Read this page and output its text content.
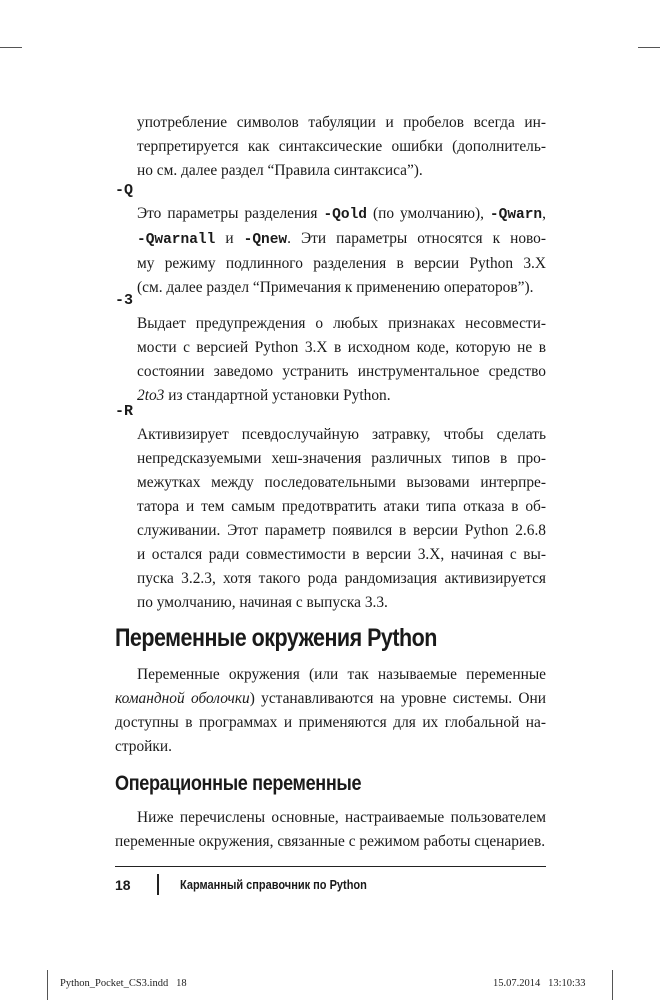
употребление символов табуляции и пробелов всегда ин-
терпретируется как синтаксические ошибки (дополнитель-
но см. далее раздел “Правила синтаксиса”).

-Q

Это параметры разделения -Qold (по умолчанию), -Qwarn,
-Qwarnall и -Qnew. Эти параметры относятся к ново-
му режиму подлинного разделения в версии Python 3.X
(см. далее раздел “Примечания к применению операторов”).

-3

Выдает предупреждения о любых признаках несовмести-
мости с версией Python 3.X в исходном коде, которую не в
состоянии заведомо устранить инструментальное средство
2to3 из стандартной установки Python.

-R

Активизирует псевдослучайную затравку, чтобы сделать
непредсказуемыми хеш-значения различных типов в про-
межутках между последовательными вызовами интерпре-
татора и тем самым предотвратить атаки типа отказа в об-
служивании. Этот параметр появился в версии Python 2.6.8
и остался ради совместимости в версии 3.X, начиная с вы-
пуска 3.2.3, хотя такого рода рандомизация активизируется
по умолчанию, начиная с выпуска 3.3.

Переменные окружения Python

Переменные окружения (или так называемые переменные
командной оболочки) устанавливаются на уровне системы. Они
доступны в программах и применяются для их глобальной на-
стройки.

Операционные переменные

Ниже перечислены основные, настраиваемые пользователем
переменные окружения, связанные с режимом работы сценариев.

18	Карманный справочник по Python

Python_Pocket_CS3.indd   18	15.07.2014   13:10:33
